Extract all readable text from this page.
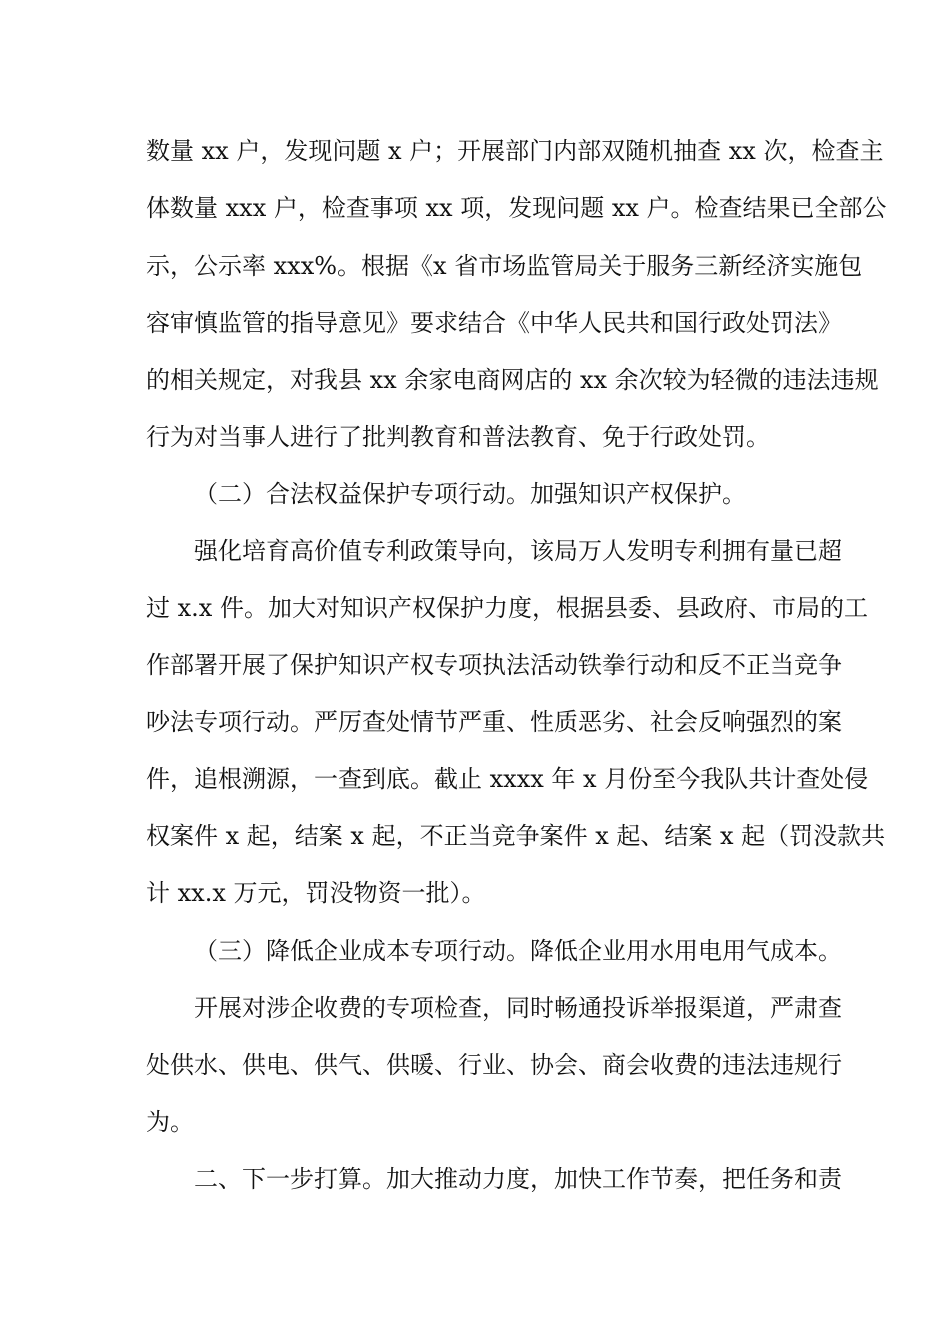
数量 xx 户，发现问题 x 户；开展部门内部双随机抽查 xx 次，检查主
体数量 xxx 户，检查事项 xx 项，发现问题 xx 户。检查结果已全部公
示，公示率 xxx%。根据《x 省市场监管局关于服务三新经济实施包
容审慎监管的指导意见》要求结合《中华人民共和国行政处罚法》
的相关规定，对我县 xx 余家电商网店的 xx 余次较为轻微的违法违规
行为对当事人进行了批判教育和普法教育、免于行政处罚。
（二）合法权益保护专项行动。加强知识产权保护。
强化培育高价值专利政策导向，该局万人发明专利拥有量已超
过 x.x 件。加大对知识产权保护力度，根据县委、县政府、市局的工
作部署开展了保护知识产权专项执法活动铁拳行动和反不正当竞争
吵法专项行动。严厉查处情节严重、性质恶劣、社会反响强烈的案
件，追根溯源，一查到底。截止 xxxx 年 x 月份至今我队共计查处侵
权案件 x 起，结案 x 起，不正当竞争案件 x 起、结案 x 起（罚没款共
计 xx.x 万元，罚没物资一批）。
（三）降低企业成本专项行动。降低企业用水用电用气成本。
开展对涉企收费的专项检查，同时畅通投诉举报渠道，严肃查
处供水、供电、供气、供暖、行业、协会、商会收费的违法违规行
为。
二、下一步打算。加大推动力度，加快工作节奏，把任务和责
